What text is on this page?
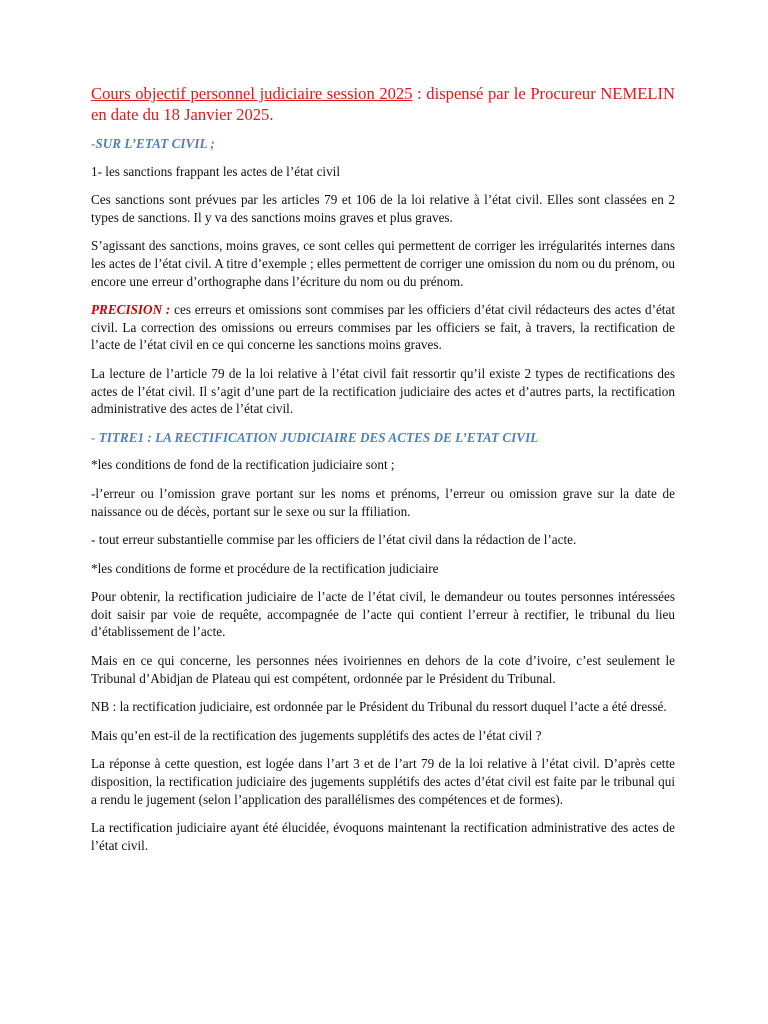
Cours objectif personnel judiciaire session 2025 : dispensé par le Procureur NEMELIN en date du 18 Janvier 2025.

-SUR L’ETAT CIVIL ;

1- les sanctions frappant les actes de l’état civil

Ces sanctions sont prévues par les articles 79 et 106 de la loi relative à l’état civil. Elles sont classées en 2 types de sanctions. Il y va des sanctions moins graves et plus graves.

S’agissant des sanctions, moins graves, ce sont celles qui permettent de corriger les irrégularités internes dans les actes de l’état civil. A titre d’exemple ; elles permettent de corriger une omission du nom ou du prénom, ou encore une erreur d’orthographe dans l’écriture du nom ou du prénom.

PRECISION : ces erreurs et omissions sont commises par les officiers d’état civil rédacteurs des actes d’état civil. La correction des omissions ou erreurs commises par les officiers se fait, à travers, la rectification de l’acte de l’état civil en ce qui concerne les sanctions moins graves.

La lecture de l’article 79 de la loi relative à l’état civil fait ressortir qu’il existe 2 types de rectifications des actes de l’état civil. Il s’agit d’une part de la rectification judiciaire des actes et d’autres parts, la rectification administrative des actes de l’état civil.

- TITRE1 : LA RECTIFICATION JUDICIAIRE DES ACTES DE L’ETAT CIVIL

*les conditions de fond de la rectification judiciaire sont ;

-l’erreur ou l’omission grave portant sur les noms et prénoms, l’erreur ou omission grave sur la date de naissance ou de décès, portant sur le sexe ou sur la ffiliation.

- tout erreur substantielle commise par les officiers de l’état civil dans la rédaction de l’acte.

*les conditions de forme et procédure de la rectification judiciaire

Pour obtenir, la rectification judiciaire de l’acte de l’état civil, le demandeur ou toutes personnes intéressées doit saisir par voie de requête, accompagnée de l’acte qui contient l’erreur à rectifier, le tribunal du lieu d’établissement de l’acte.

Mais en ce qui concerne, les personnes nées ivoiriennes en dehors de la cote d’ivoire, c’est seulement le Tribunal d’Abidjan de Plateau qui est compétent, ordonnée par le Président du Tribunal.

NB : la rectification judiciaire, est ordonnée par le Président du Tribunal du ressort duquel l’acte a été dressé.

Mais qu’en est-il de la rectification des jugements supplétifs des actes de l’état civil ?

La réponse à cette question, est logée dans l’art 3 et de l’art 79 de la loi relative à l’état civil. D’après cette disposition, la rectification judiciaire des jugements supplétifs des actes d’état civil est faite par le tribunal qui a rendu le jugement (selon l’application des parallélismes des compétences et de formes).

La rectification judiciaire ayant été élucidée, évoquons maintenant la rectification administrative des actes de l’état civil.
